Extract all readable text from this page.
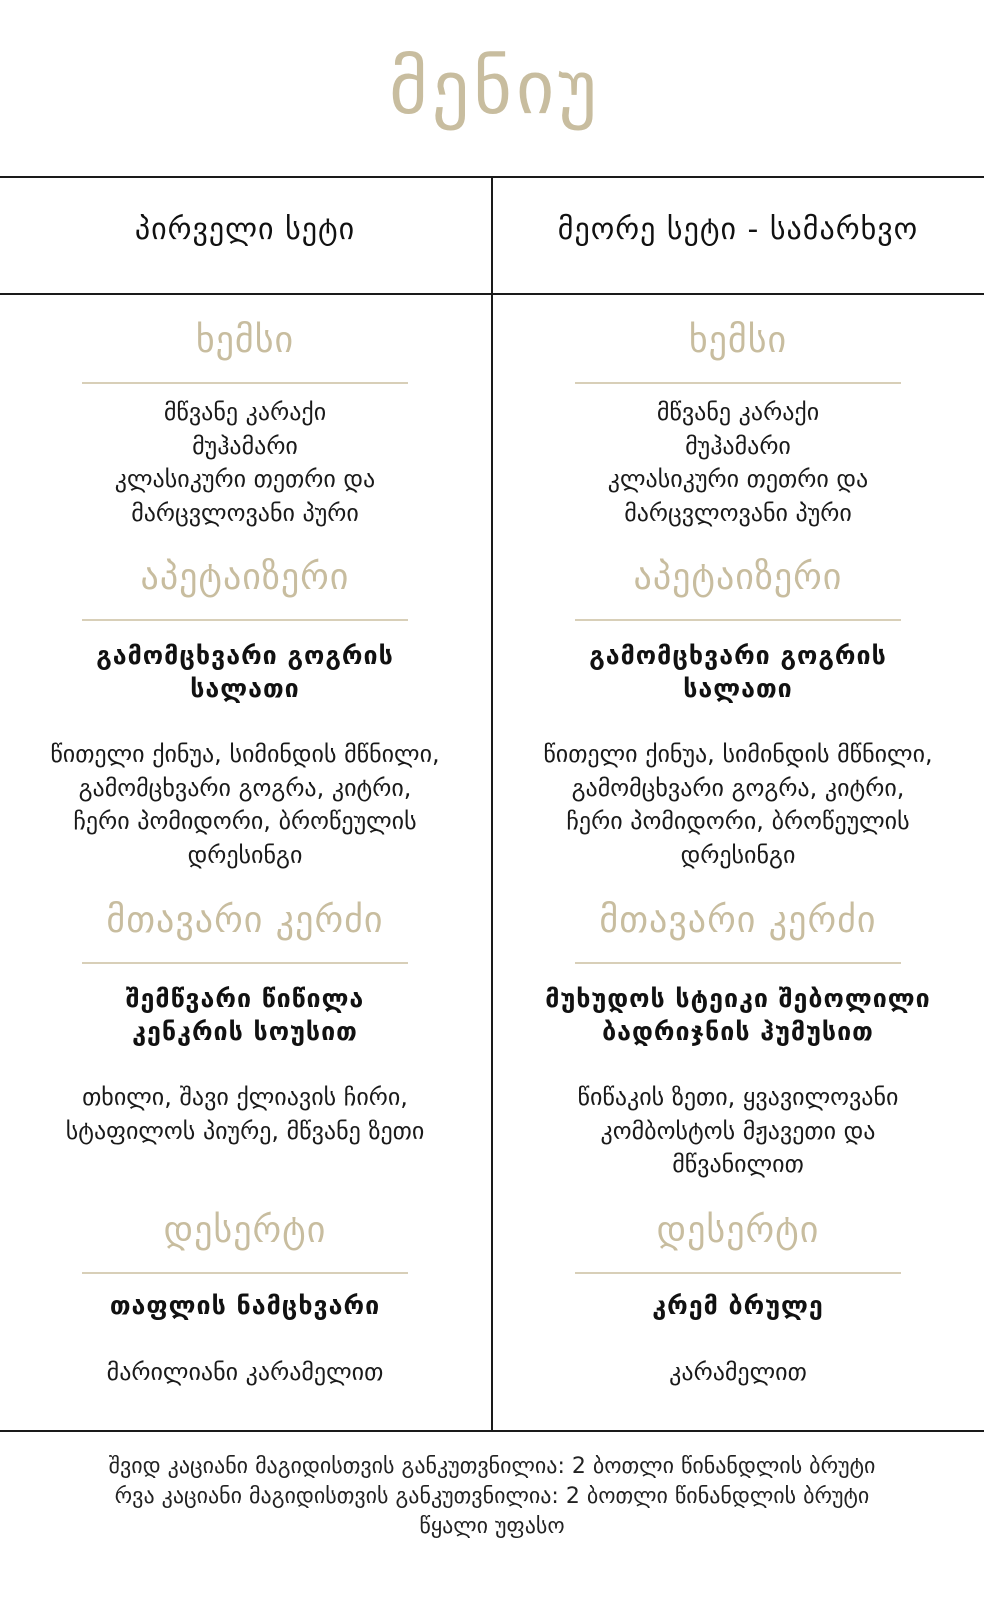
მენიუ
პირველი სეტი
ხემსი
მწვანე კარაქი
მუჰამარი
კლასიკური თეთრი და
მარცვლოვანი პური
აპეტაიზერი
გამომცხვარი გოგრის
სალათი
წითელი ქინუა, სიმინდის მწნილი,
გამომცხვარი გოგრა, კიტრი,
ჩერი პომიდორი, ბროწეულის
დრესინგი
მთავარი კერძი
შემწვარი წიწილა
კენკრის სოუსით
თხილი, შავი ქლიავის ჩირი,
სტაფილოს პიურე, მწვანე ზეთი
დესერტი
თაფლის ნამცხვარი
მარილიანი კარამელით
მეორე სეტი - სამარხვო
ხემსი
მწვანე კარაქი
მუჰამარი
კლასიკური თეთრი და
მარცვლოვანი პური
აპეტაიზერი
გამომცხვარი გოგრის
სალათი
წითელი ქინუა, სიმინდის მწნილი,
გამომცხვარი გოგრა, კიტრი,
ჩერი პომიდორი, ბროწეულის
დრესინგი
მთავარი კერძი
მუხუდოს სტეიკი შებოლილი
ბადრიჯნის ჰუმუსით
წიწაკის ზეთი, ყვავილოვანი
კომბოსტოს მჟავეთი და
მწვანილით
დესერტი
კრემ ბრულე
კარამელით
შვიდ კაციანი მაგიდისთვის განკუთვნილია: 2 ბოთლი წინანდლის ბრუტი
რვა კაციანი მაგიდისთვის განკუთვნილია: 2 ბოთლი წინანდლის ბრუტი
წყალი უფასო
